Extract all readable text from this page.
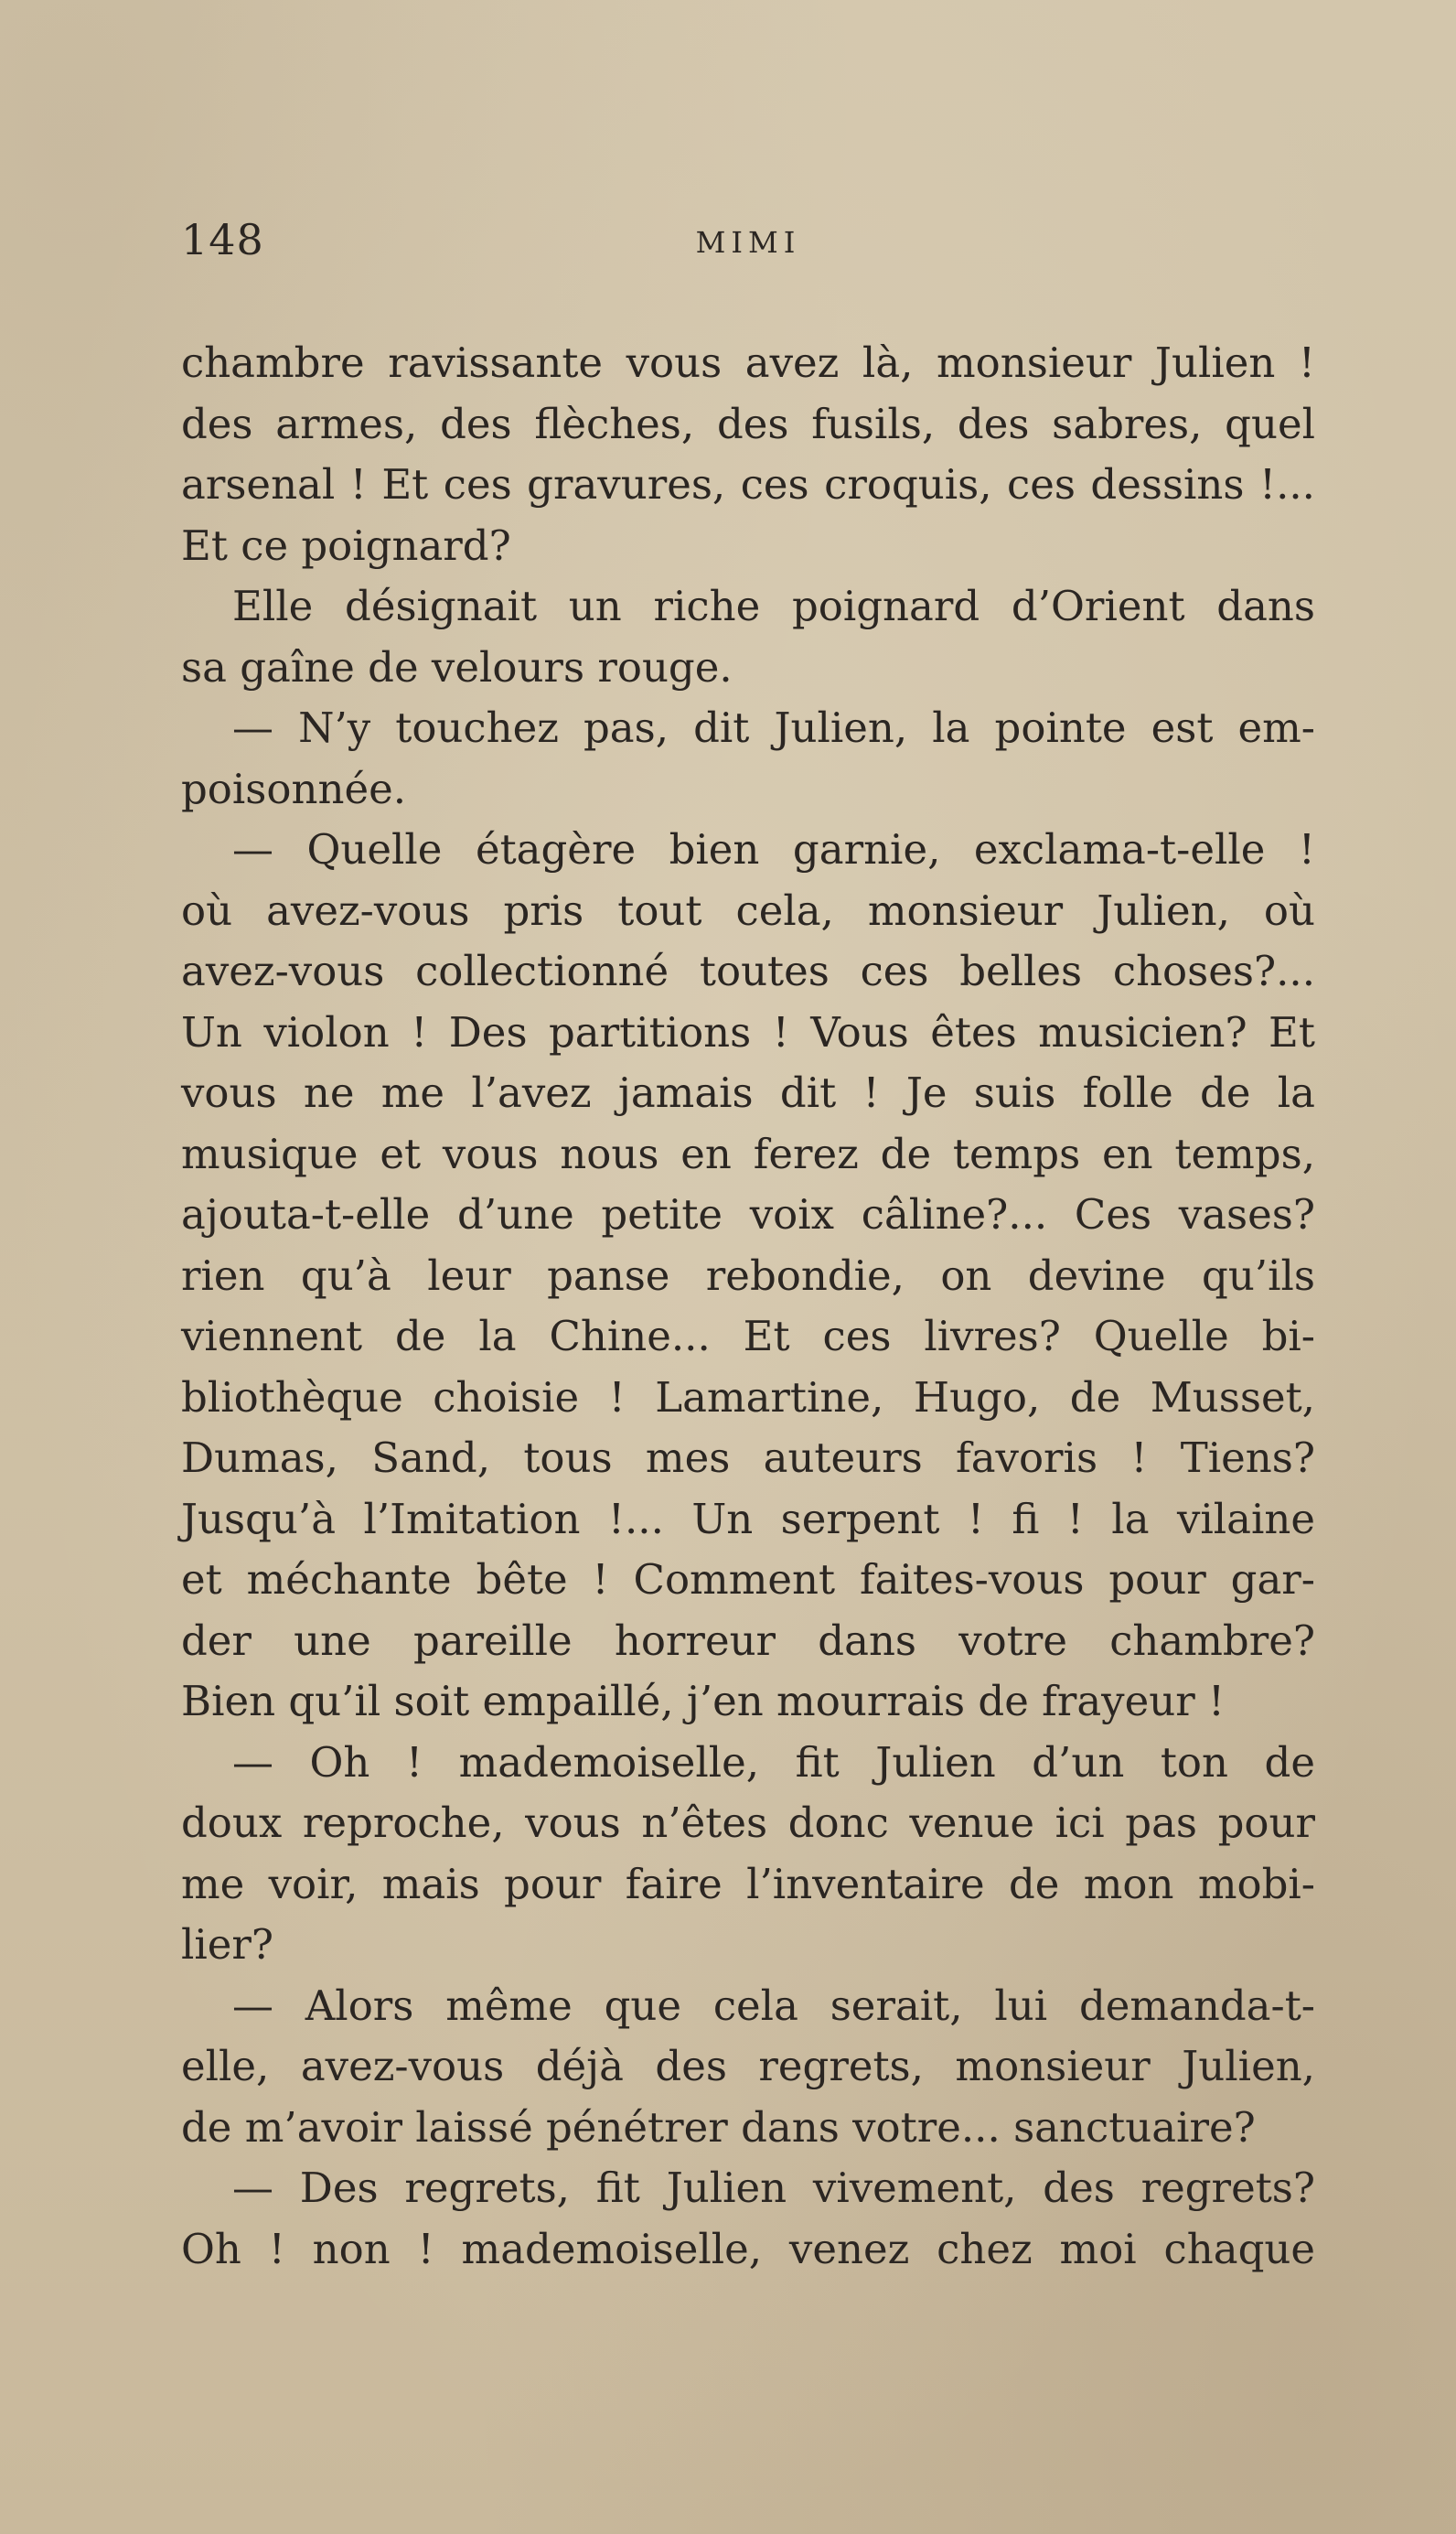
148	MIMI
chambre ravissante vous avez là, monsieur Julien !
des armes, des flèches, des fusils, des sabres, quel
arsenal ! Et ces gravures, ces croquis, ces dessins !...
Et ce poignard?
Elle désignait un riche poignard d’Orient dans
sa gaîne de velours rouge.
— N’y touchez pas, dit Julien, la pointe est em-
poisonnée.
— Quelle étagère bien garnie, exclama-t-elle !
où avez-vous pris tout cela, monsieur Julien, où
avez-vous collectionné toutes ces belles choses?...
Un violon ! Des partitions ! Vous êtes musicien? Et
vous ne me l’avez jamais dit ! Je suis folle de la
musique et vous nous en ferez de temps en temps,
ajouta-t-elle d’une petite voix câline?... Ces vases?
rien qu’à leur panse rebondie, on devine qu’ils
viennent de la Chine... Et ces livres? Quelle bi-
bliothèque choisie ! Lamartine, Hugo, de Musset,
Dumas, Sand, tous mes auteurs favoris ! Tiens?
Jusqu’à l’Imitation !... Un serpent ! fi ! la vilaine
et méchante bête ! Comment faites-vous pour gar-
der une pareille horreur dans votre chambre?
Bien qu’il soit empaillé, j’en mourrais de frayeur !
— Oh ! mademoiselle, fit Julien d’un ton de
doux reproche, vous n’êtes donc venue ici pas pour
me voir, mais pour faire l’inventaire de mon mobi-
lier?
— Alors même que cela serait, lui demanda-t-
elle, avez-vous déjà des regrets, monsieur Julien,
de m’avoir laissé pénétrer dans votre... sanctuaire?
— Des regrets, fit Julien vivement, des regrets?
Oh ! non ! mademoiselle, venez chez moi chaque
